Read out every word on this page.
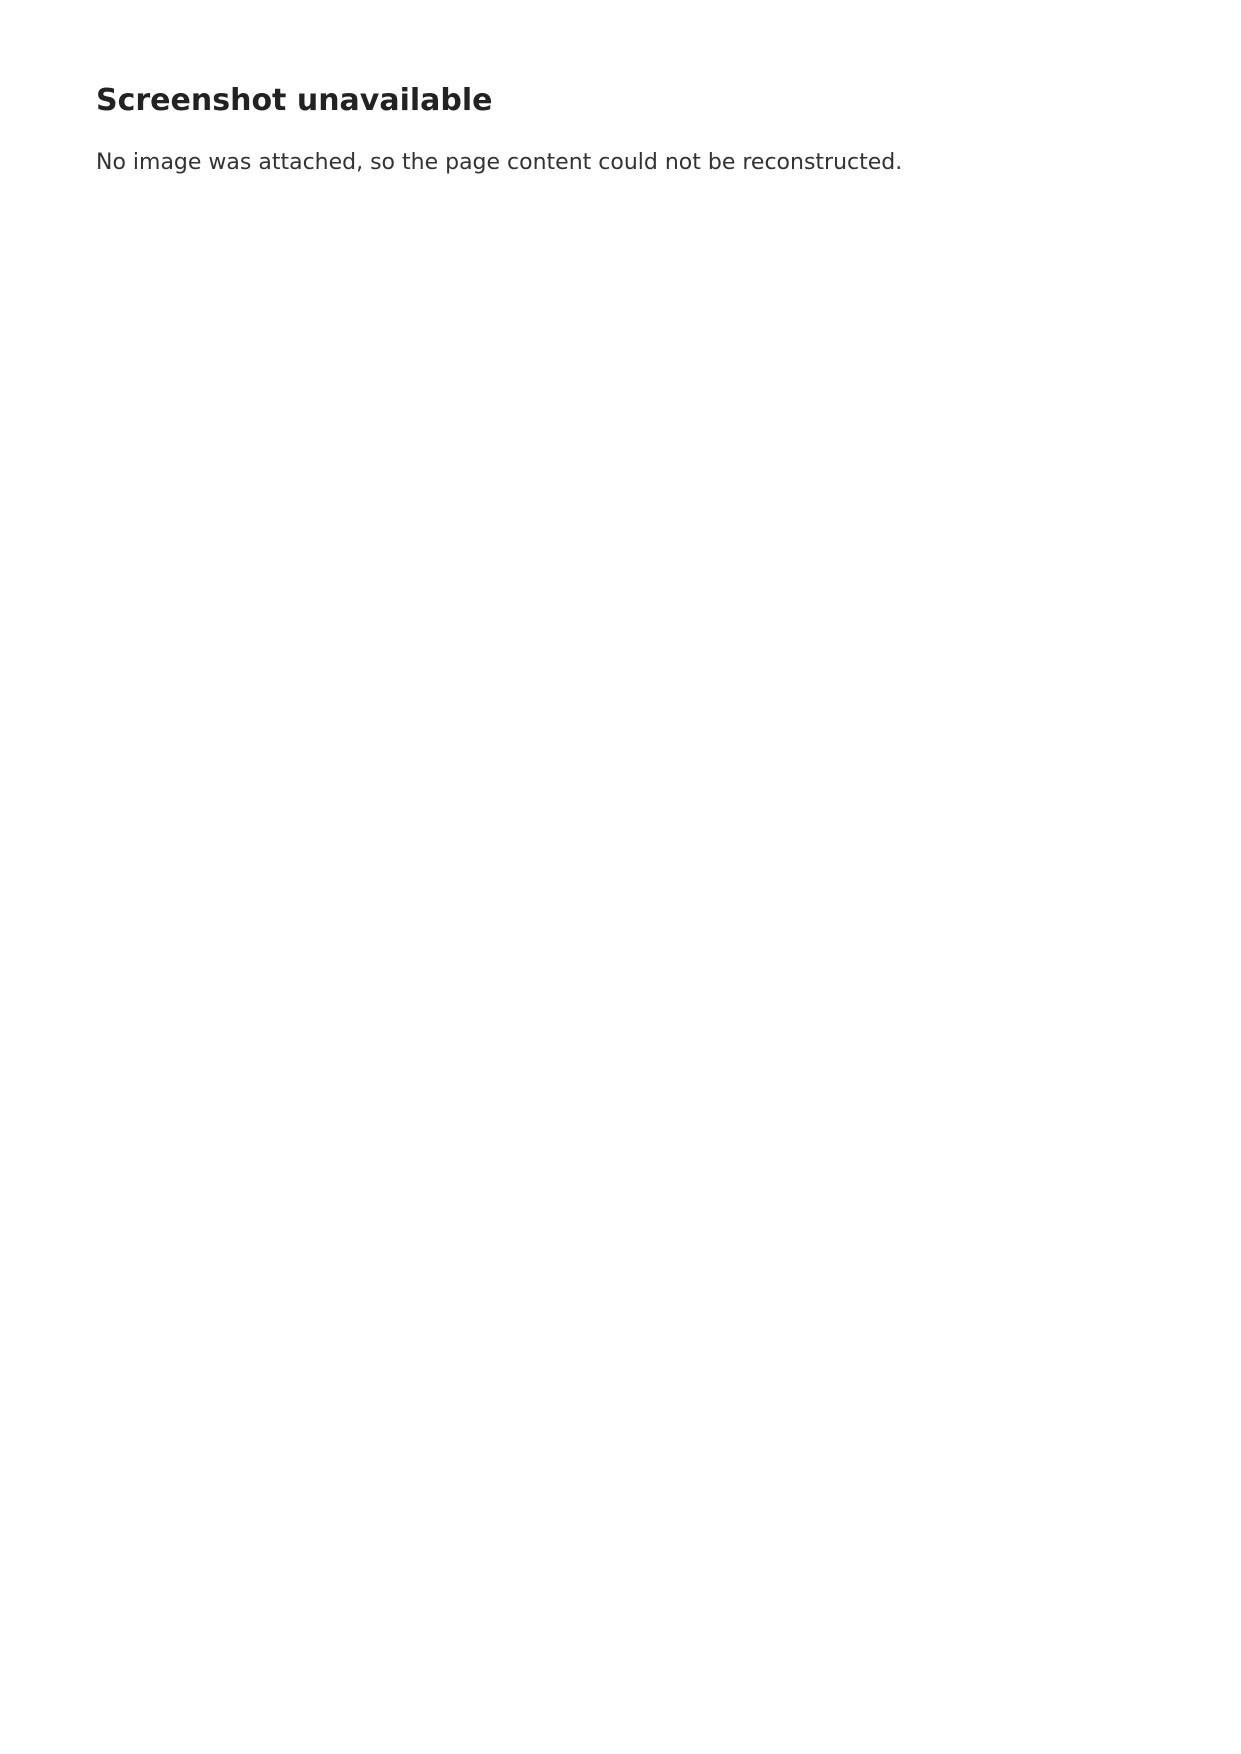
Screenshot unavailable

No image was attached, so the page content could not be reconstructed.
